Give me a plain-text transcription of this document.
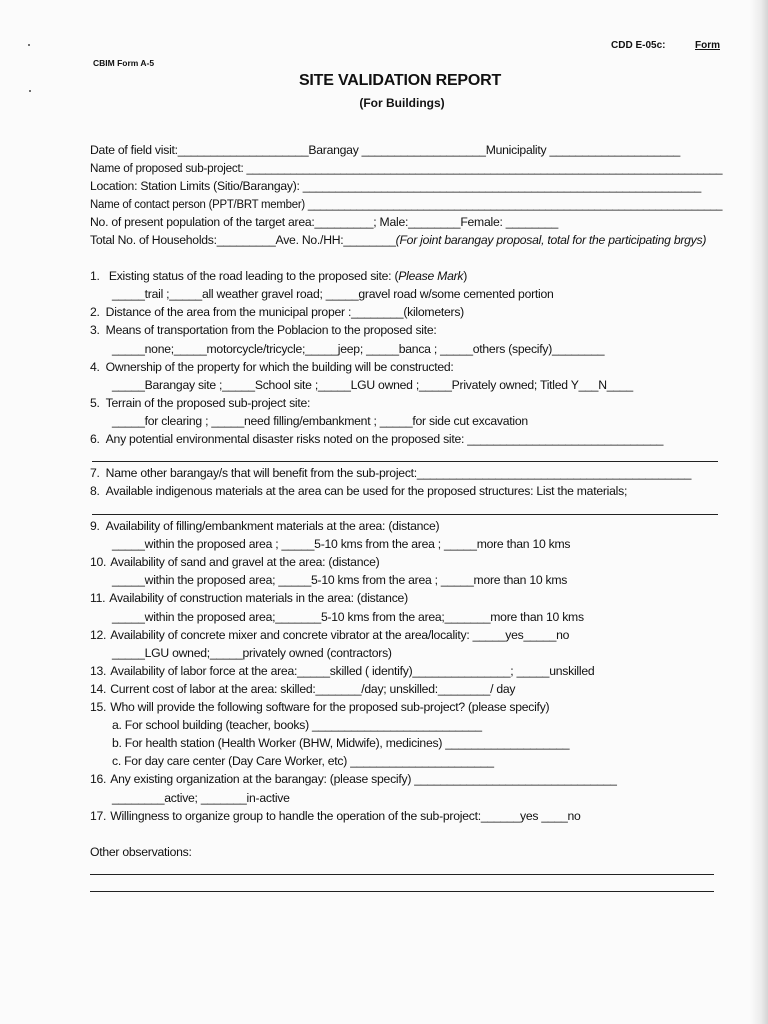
CDD E-05c:	Form
CBIM Form A-5
SITE VALIDATION REPORT
(For Buildings)
Date of field visit:____________________Barangay ___________________Municipality ____________________
Name of proposed sub-project: ____________________________________________________________________________
Location: Station Limits (Sitio/Barangay): _____________________________________________________________
Name of contact person (PPT/BRT member) ____________________________________________________________________
No. of present population of the target area:_________; Male:________Female: ________
Total No. of Households:_________Ave. No./HH:________(For joint barangay proposal, total for the participating brgys)
1. Existing status of the road leading to the proposed site: (Please Mark)
_____trail ;_____all weather gravel road; _____gravel road w/some cemented portion
2. Distance of the area from the municipal proper :________(kilometers)
3. Means of transportation from the Poblacion to the proposed site:
_____none;_____motorcycle/tricycle;_____jeep; _____banca ; _____others (specify)________
4. Ownership of the property for which the building will be constructed:
_____Barangay site ;_____School site ;_____LGU owned ;_____Privately owned; Titled Y___N____
5. Terrain of the proposed sub-project site:
_____for clearing ; _____need filling/embankment ; _____for side cut excavation
6. Any potential environmental disaster risks noted on the proposed site: ______________________________
7. Name other barangay/s that will benefit from the sub-project:__________________________________________
8. Available indigenous materials at the area can be used for the proposed structures: List the materials;
9. Availability of filling/embankment materials at the area: (distance)
_____within the proposed area ; _____5-10 kms from the area ; _____more than 10 kms
10. Availability of sand and gravel at the area: (distance)
_____within the proposed area; _____5-10 kms from the area ; _____more than 10 kms
11. Availability of construction materials in the area: (distance)
_____within the proposed area;_______5-10 kms from the area;_______more than 10 kms
12. Availability of concrete mixer and concrete vibrator at the area/locality: _____yes_____no
_____LGU owned;_____privately owned (contractors)
13. Availability of labor force at the area:_____skilled ( identify)_______________; _____unskilled
14. Current cost of labor at the area: skilled:_______/day; unskilled:________/ day
15. Who will provide the following software for the proposed sub-project? (please specify)
a. For school building (teacher, books) __________________________
b. For health station (Health Worker (BHW, Midwife), medicines) ___________________
c. For day care center (Day Care Worker, etc) ______________________
16. Any existing organization at the barangay: (please specify) _______________________________
________active; _______in-active
17. Willingness to organize group to handle the operation of the sub-project:______yes ____no
Other observations:
